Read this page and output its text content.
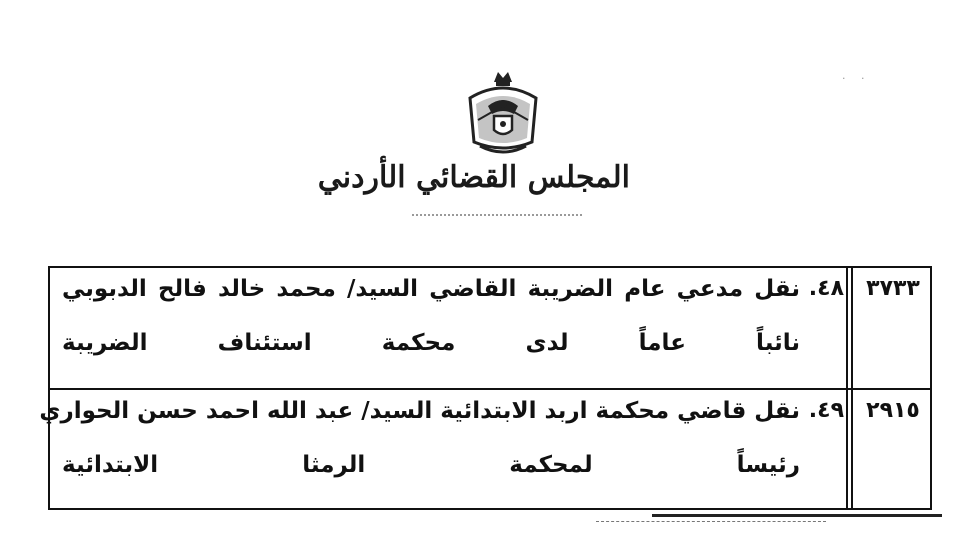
المجلس القضائي الأردني
· ·
٣٧٣٣
٤٨.
نقل مدعي عام الضريبة القاضي السيد/ محمد خالد فالح الدبوبي
نائباً عاماً لدى محكمة استئناف الضريبة
٢٩١٥
٤٩.
نقل قاضي محكمة اربد الابتدائية السيد/ عبد الله احمد حسن الحواري
رئيساً لمحكمة الرمثا الابتدائية
